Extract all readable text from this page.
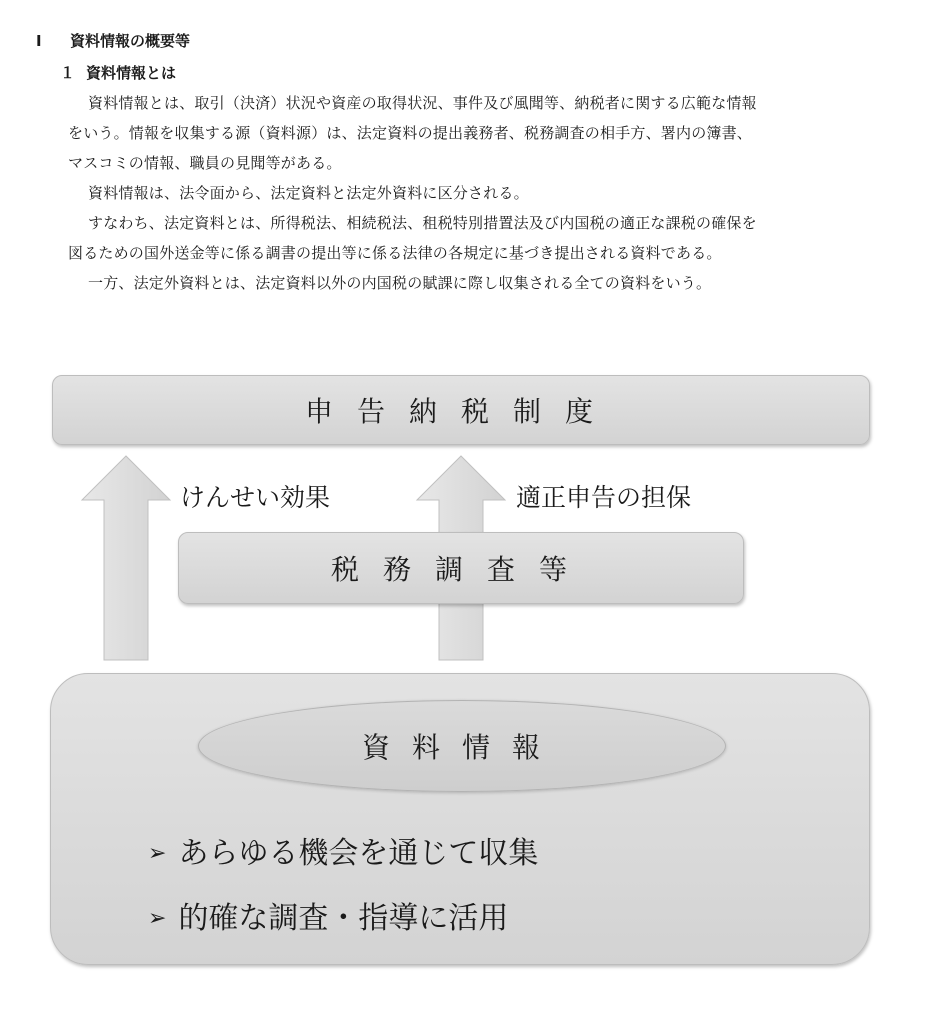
Ⅰ 資料情報の概要等
１ 資料情報とは
資料情報とは、取引（決済）状況や資産の取得状況、事件及び風聞等、納税者に関する広範な情報
をいう。情報を収集する源（資料源）は、法定資料の提出義務者、税務調査の相手方、署内の簿書、
マスコミの情報、職員の見聞等がある。
資料情報は、法令面から、法定資料と法定外資料に区分される。
すなわち、法定資料とは、所得税法、相続税法、租税特別措置法及び内国税の適正な課税の確保を
図るための国外送金等に係る調書の提出等に係る法律の各規定に基づき提出される資料である。
一方、法定外資料とは、法定資料以外の内国税の賦課に際し収集される全ての資料をいう。
申告納税制度
けんせい効果	適正申告の担保
税務調査等
資料情報
➢ あらゆる機会を通じて収集
➢ 的確な調査・指導に活用
